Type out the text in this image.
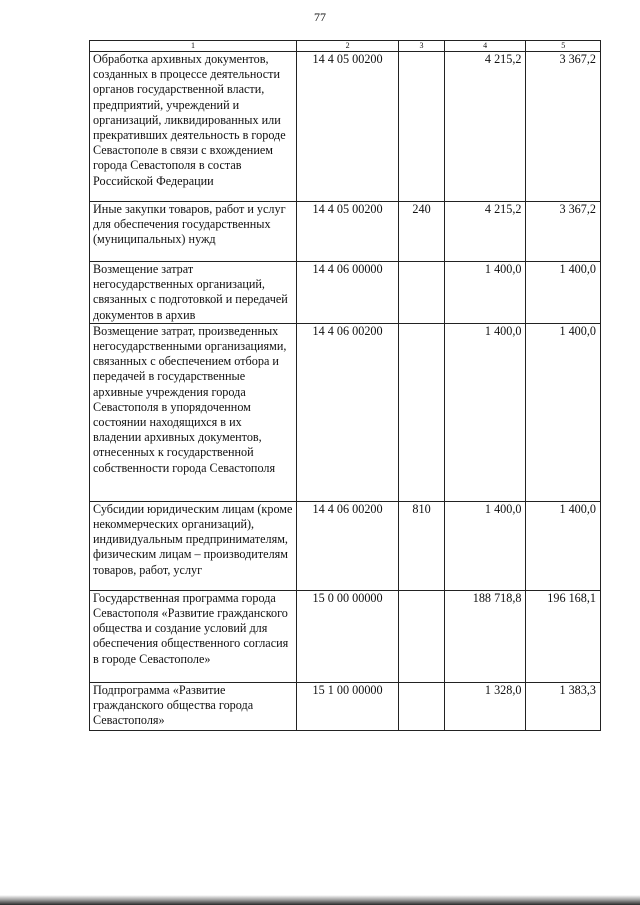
77
1	2	3	4	5
Обработка архивных документов, созданных в процессе деятельности органов государственной власти, предприятий, учреждений и организаций, ликвидированных или прекративших деятельность в городе Севастополе в связи с вхождением города Севастополя в состав Российской Федерации	14 4 05 00200		4 215,2	3 367,2
Иные закупки товаров, работ и услуг для обеспечения государственных (муниципальных) нужд	14 4 05 00200	240	4 215,2	3 367,2
Возмещение затрат негосударственных организаций, связанных с подготовкой и передачей документов в архив	14 4 06 00000		1 400,0	1 400,0
Возмещение затрат, произведенных негосударственными организациями, связанных с обеспечением отбора и передачей в государственные архивные учреждения города Севастополя в упорядоченном состоянии находящихся в их владении архивных документов, отнесенных к государственной собственности города Севастополя	14 4 06 00200		1 400,0	1 400,0
Субсидии юридическим лицам (кроме некоммерческих организаций), индивидуальным предпринимателям, физическим лицам – производителям товаров, работ, услуг	14 4 06 00200	810	1 400,0	1 400,0
Государственная программа города Севастополя «Развитие гражданского общества и создание условий для обеспечения общественного согласия в городе Севастополе»	15 0 00 00000		188 718,8	196 168,1
Подпрограмма «Развитие гражданского общества города Севастополя»	15 1 00 00000		1 328,0	1 383,3
